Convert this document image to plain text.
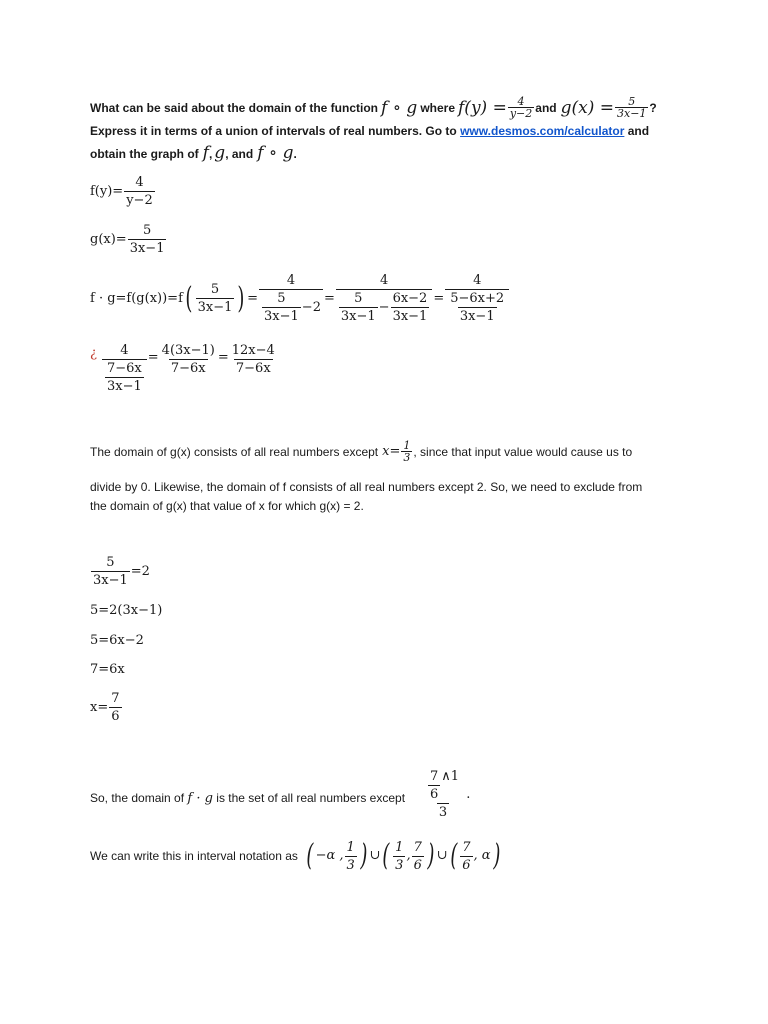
What can be said about the domain of the function f ∘ g where $f(y) = \frac{4}{y-2}$ and $g(x) = \frac{5}{3x-1}$ ?
Express it in terms of a union of intervals of real numbers. Go to www.desmos.com/calculator and
obtain the graph of f , g , and f ∘ g .
$f(y)= \frac{4}{y-2}$
$g(x)= \frac{5}{3x-1}$
f · g=f(g(x))=f ( $\frac{5}{3x-1}$ ) = $\frac{4}{\frac{5}{3x-1} -2}$ =
4
$\frac{5}{3x-1} - \frac{6x-2}{3x-1} = \frac{4}{\frac{5-6x+2}{3x-1}}$
¿ $\frac{4}{\frac{7-6x}{3x-1}} = \frac{4(3x-1)}{7-6x} = \frac{12x-4}{7-6x}$
The domain of g(x) consists of all real numbers except $x= \frac{1}{3}$ , since that input value would cause us to
divide by 0. Likewise, the domain of f consists of all real numbers except 2. So, we need to exclude from
the domain of g(x) that value of x for which g(x) = 2.
$\frac{5}{3x-1} =2$
5=2(3x−1)
5=6x−2
7=6x
$x= \frac{7}{6}$
So, the domain of f · g is the set of all real numbers except $\frac{\frac{7}{6} \wedge 1}{3}$ .
We can write this in interval notation as ( −α , $\frac{1}{3}$ ) ∪ ( $\frac{1}{3}$ , $\frac{7}{6}$ ) ∪ ( $\frac{7}{6}$ , α )
